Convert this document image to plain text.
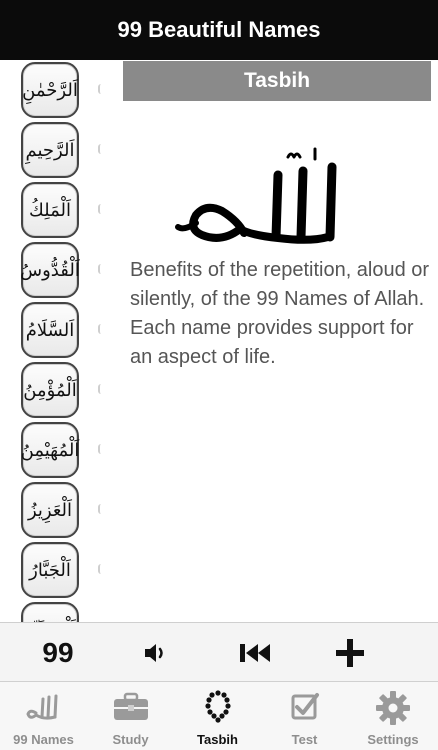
99 Beautiful Names
اَلرَّحْمٰنِ
اَلرَّحِيمِ
اَلْمَلِكُ
اَلْقُدُّوسُ
اَلسَّلَامُ
اَلْمُؤْمِنُ
اَلْمُهَيْمِنُ
اَلْعَزِيزُ
اَلْجَبَّارُ
Tasbih
Benefits of the repetition, aloud or silently, of the 99 Names of Allah. Each name provides support for an aspect of life.
99
99 Names	Study	Tasbih	Test	Settings
